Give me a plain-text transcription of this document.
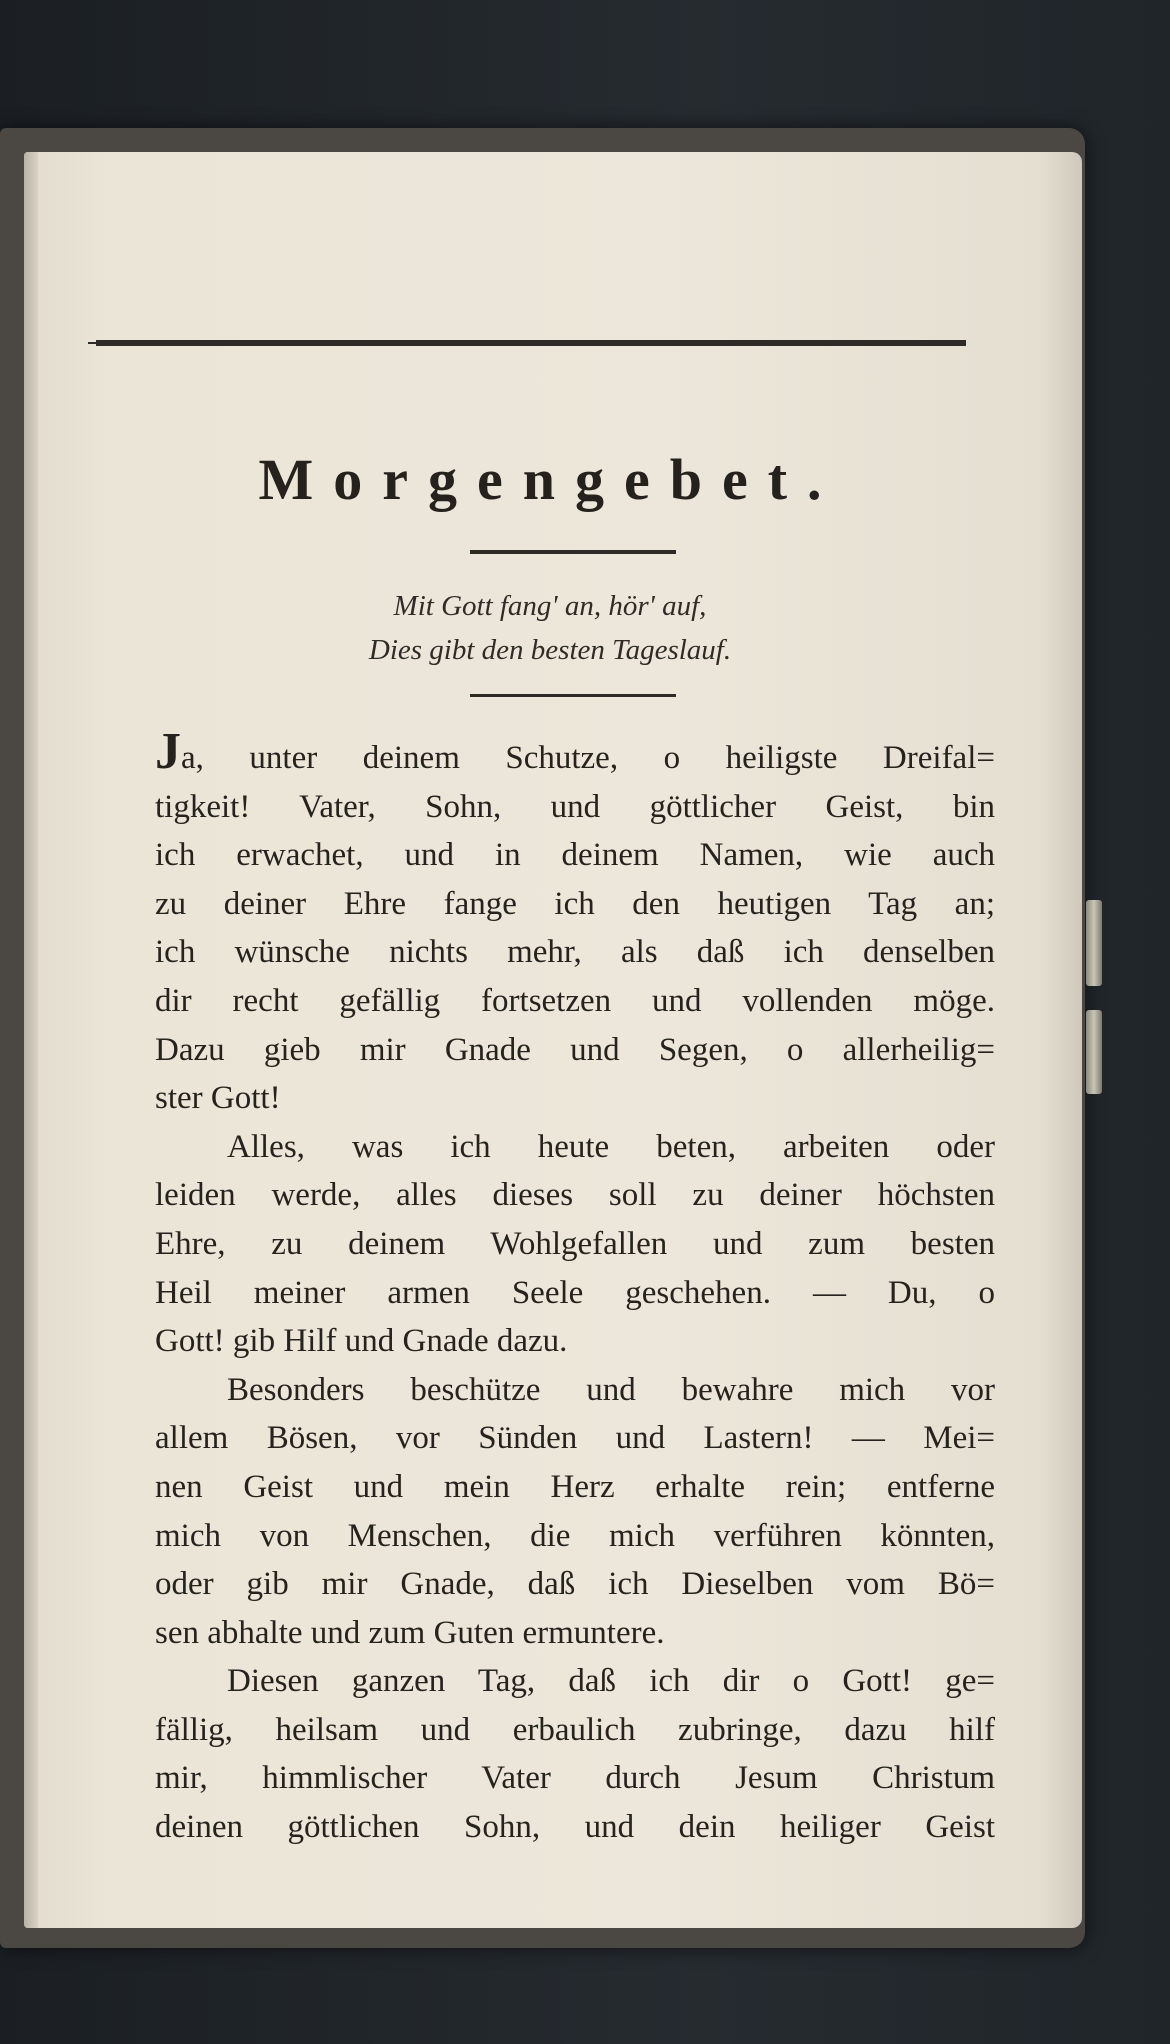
Morgengebet.
Mit Gott fang' an, hör' auf,
Dies gibt den besten Tageslauf.
Ja, unter deinem Schutze, o heiligste Dreifal=
tigkeit! Vater, Sohn, und göttlicher Geist, bin
ich erwachet, und in deinem Namen, wie auch
zu deiner Ehre fange ich den heutigen Tag an;
ich wünsche nichts mehr, als daß ich denselben
dir recht gefällig fortsetzen und vollenden möge.
Dazu gieb mir Gnade und Segen, o allerheilig=
ster Gott!
Alles, was ich heute beten, arbeiten oder
leiden werde, alles dieses soll zu deiner höchsten
Ehre, zu deinem Wohlgefallen und zum besten
Heil meiner armen Seele geschehen. — Du, o
Gott! gib Hilf und Gnade dazu.
Besonders beschütze und bewahre mich vor
allem Bösen, vor Sünden und Lastern! — Mei=
nen Geist und mein Herz erhalte rein; entferne
mich von Menschen, die mich verführen könnten,
oder gib mir Gnade, daß ich Dieselben vom Bö=
sen abhalte und zum Guten ermuntere.
Diesen ganzen Tag, daß ich dir o Gott! ge=
fällig, heilsam und erbaulich zubringe, dazu hilf
mir, himmlischer Vater durch Jesum Christum
deinen göttlichen Sohn, und dein heiliger Geist
